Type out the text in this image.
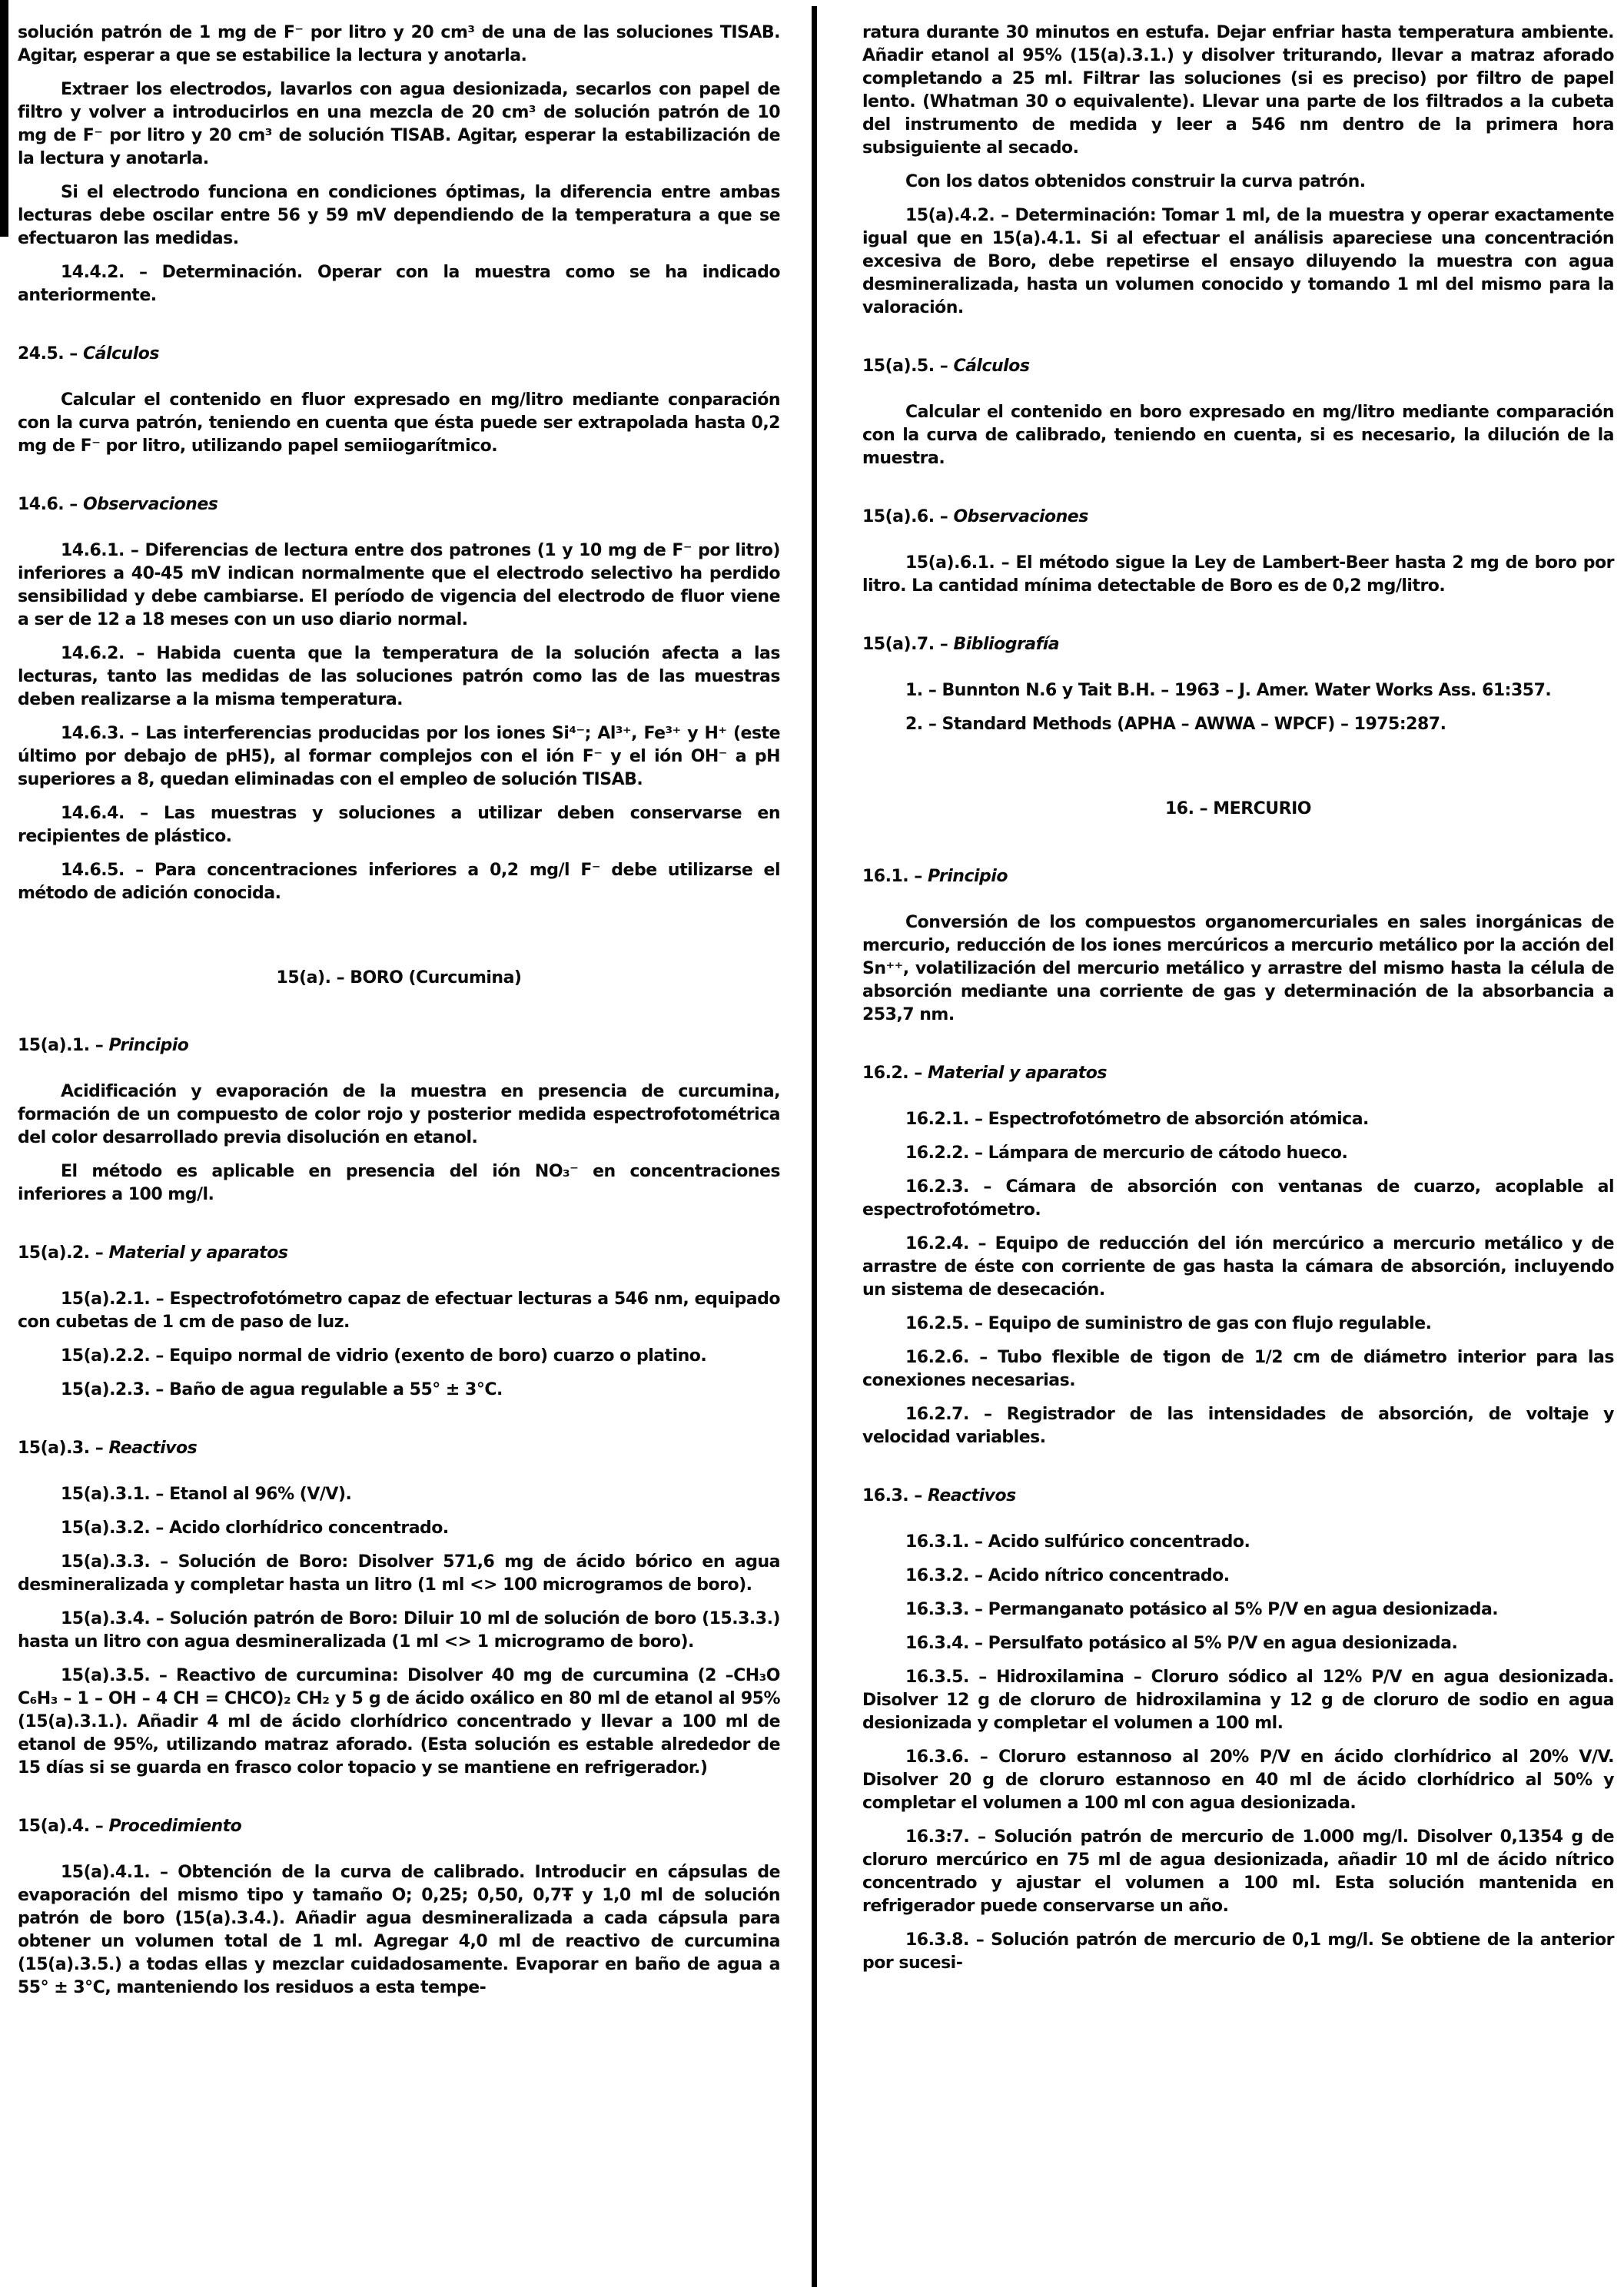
solución patrón de 1 mg de F⁻ por litro y 20 cm³ de una de las soluciones TISAB. Agitar, esperar a que se estabilice la lectura y anotarla.

Extraer los electrodos, lavarlos con agua desionizada, secarlos con papel de filtro y volver a introducirlos en una mezcla de 20 cm³ de solución patrón de 10 mg de F⁻ por litro y 20 cm³ de solución TISAB. Agitar, esperar la estabilización de la lectura y anotarla.

Si el electrodo funciona en condiciones óptimas, la diferencia entre ambas lecturas debe oscilar entre 56 y 59 mV dependiendo de la temperatura a que se efectuaron las medidas.

14.4.2. – Determinación. Operar con la muestra como se ha indicado anteriormente.

24.5. – Cálculos

Calcular el contenido en fluor expresado en mg/litro mediante conparación con la curva patrón, teniendo en cuenta que ésta puede ser extrapolada hasta 0,2 mg de F⁻ por litro, utilizando papel semiiogarítmico.

14.6. – Observaciones

14.6.1. – Diferencias de lectura entre dos patrones (1 y 10 mg de F⁻ por litro) inferiores a 40-45 mV indican normalmente que el electrodo selectivo ha perdido sensibilidad y debe cambiarse. El período de vigencia del electrodo de fluor viene a ser de 12 a 18 meses con un uso diario normal.

14.6.2. – Habida cuenta que la temperatura de la solución afecta a las lecturas, tanto las medidas de las soluciones patrón como las de las muestras deben realizarse a la misma temperatura.

14.6.3. – Las interferencias producidas por los iones Si⁴⁻; Al³⁺, Fe³⁺ y H⁺ (este último por debajo de pH5), al formar complejos con el ión F⁻ y el ión OH⁻ a pH superiores a 8, quedan eliminadas con el empleo de solución TISAB.

14.6.4. – Las muestras y soluciones a utilizar deben conservarse en recipientes de plástico.

14.6.5. – Para concentraciones inferiores a 0,2 mg/l F⁻ debe utilizarse el método de adición conocida.

15(a). – BORO (Curcumina)

15(a).1. – Principio

Acidificación y evaporación de la muestra en presencia de curcumina, formación de un compuesto de color rojo y posterior medida espectrofotométrica del color desarrollado previa disolución en etanol.

El método es aplicable en presencia del ión NO₃⁻ en concentraciones inferiores a 100 mg/l.

15(a).2. – Material y aparatos

15(a).2.1. – Espectrofotómetro capaz de efectuar lecturas a 546 nm, equipado con cubetas de 1 cm de paso de luz.

15(a).2.2. – Equipo normal de vidrio (exento de boro) cuarzo o platino.

15(a).2.3. – Baño de agua regulable a 55° ± 3°C.

15(a).3. – Reactivos

15(a).3.1. – Etanol al 96% (V/V).

15(a).3.2. – Acido clorhídrico concentrado.

15(a).3.3. – Solución de Boro: Disolver 571,6 mg de ácido bórico en agua desmineralizada y completar hasta un litro (1 ml <> 100 microgramos de boro).

15(a).3.4. – Solución patrón de Boro: Diluir 10 ml de solución de boro (15.3.3.) hasta un litro con agua desmineralizada (1 ml <> 1 microgramo de boro).

15(a).3.5. – Reactivo de curcumina: Disolver 40 mg de curcumina (2 –CH₃O C₆H₃ – 1 – OH – 4 CH = CHCO)₂ CH₂ y 5 g de ácido oxálico en 80 ml de etanol al 95% (15(a).3.1.). Añadir 4 ml de ácido clorhídrico concentrado y llevar a 100 ml de etanol de 95%, utilizando matraz aforado. (Esta solución es estable alrededor de 15 días si se guarda en frasco color topacio y se mantiene en refrigerador.)

15(a).4. – Procedimiento

15(a).4.1. – Obtención de la curva de calibrado. Introducir en cápsulas de evaporación del mismo tipo y tamaño O; 0,25; 0,50, 0,7Ŧ y 1,0 ml de solución patrón de boro (15(a).3.4.). Añadir agua desmineralizada a cada cápsula para obtener un volumen total de 1 ml. Agregar 4,0 ml de reactivo de curcumina (15(a).3.5.) a todas ellas y mezclar cuidadosamente. Evaporar en baño de agua a 55° ± 3°C, manteniendo los residuos a esta tempe-

ratura durante 30 minutos en estufa. Dejar enfriar hasta temperatura ambiente. Añadir etanol al 95% (15(a).3.1.) y disolver triturando, llevar a matraz aforado completando a 25 ml. Filtrar las soluciones (si es preciso) por filtro de papel lento. (Whatman 30 o equivalente). Llevar una parte de los filtrados a la cubeta del instrumento de medida y leer a 546 nm dentro de la primera hora subsiguiente al secado.

Con los datos obtenidos construir la curva patrón.

15(a).4.2. – Determinación: Tomar 1 ml, de la muestra y operar exactamente igual que en 15(a).4.1. Si al efectuar el análisis apareciese una concentración excesiva de Boro, debe repetirse el ensayo diluyendo la muestra con agua desmineralizada, hasta un volumen conocido y tomando 1 ml del mismo para la valoración.

15(a).5. – Cálculos

Calcular el contenido en boro expresado en mg/litro mediante comparación con la curva de calibrado, teniendo en cuenta, si es necesario, la dilución de la muestra.

15(a).6. – Observaciones

15(a).6.1. – El método sigue la Ley de Lambert-Beer hasta 2 mg de boro por litro. La cantidad mínima detectable de Boro es de 0,2 mg/litro.

15(a).7. – Bibliografía

1. – Bunnton N.6 y Tait B.H. – 1963 – J. Amer. Water Works Ass. 61:357.

2. – Standard Methods (APHA – AWWA – WPCF) – 1975:287.

16. – MERCURIO

16.1. – Principio

Conversión de los compuestos organomercuriales en sales inorgánicas de mercurio, reducción de los iones mercúricos a mercurio metálico por la acción del Sn⁺⁺, volatilización del mercurio metálico y arrastre del mismo hasta la célula de absorción mediante una corriente de gas y determinación de la absorbancia a 253,7 nm.

16.2. – Material y aparatos

16.2.1. – Espectrofotómetro de absorción atómica.

16.2.2. – Lámpara de mercurio de cátodo hueco.

16.2.3. – Cámara de absorción con ventanas de cuarzo, acoplable al espectrofotómetro.

16.2.4. – Equipo de reducción del ión mercúrico a mercurio metálico y de arrastre de éste con corriente de gas hasta la cámara de absorción, incluyendo un sistema de desecación.

16.2.5. – Equipo de suministro de gas con flujo regulable.

16.2.6. – Tubo flexible de tigon de 1/2 cm de diámetro interior para las conexiones necesarias.

16.2.7. – Registrador de las intensidades de absorción, de voltaje y velocidad variables.

16.3. – Reactivos

16.3.1. – Acido sulfúrico concentrado.

16.3.2. – Acido nítrico concentrado.

16.3.3. – Permanganato potásico al 5% P/V en agua desionizada.

16.3.4. – Persulfato potásico al 5% P/V en agua desionizada.

16.3.5. – Hidroxilamina – Cloruro sódico al 12% P/V en agua desionizada. Disolver 12 g de cloruro de hidroxilamina y 12 g de cloruro de sodio en agua desionizada y completar el volumen a 100 ml.

16.3.6. – Cloruro estannoso al 20% P/V en ácido clorhídrico al 20% V/V. Disolver 20 g de cloruro estannoso en 40 ml de ácido clorhídrico al 50% y completar el volumen a 100 ml con agua desionizada.

16.3:7. – Solución patrón de mercurio de 1.000 mg/l. Disolver 0,1354 g de cloruro mercúrico en 75 ml de agua desionizada, añadir 10 ml de ácido nítrico concentrado y ajustar el volumen a 100 ml. Esta solución mantenida en refrigerador puede conservarse un año.

16.3.8. – Solución patrón de mercurio de 0,1 mg/l. Se obtiene de la anterior por sucesi-
